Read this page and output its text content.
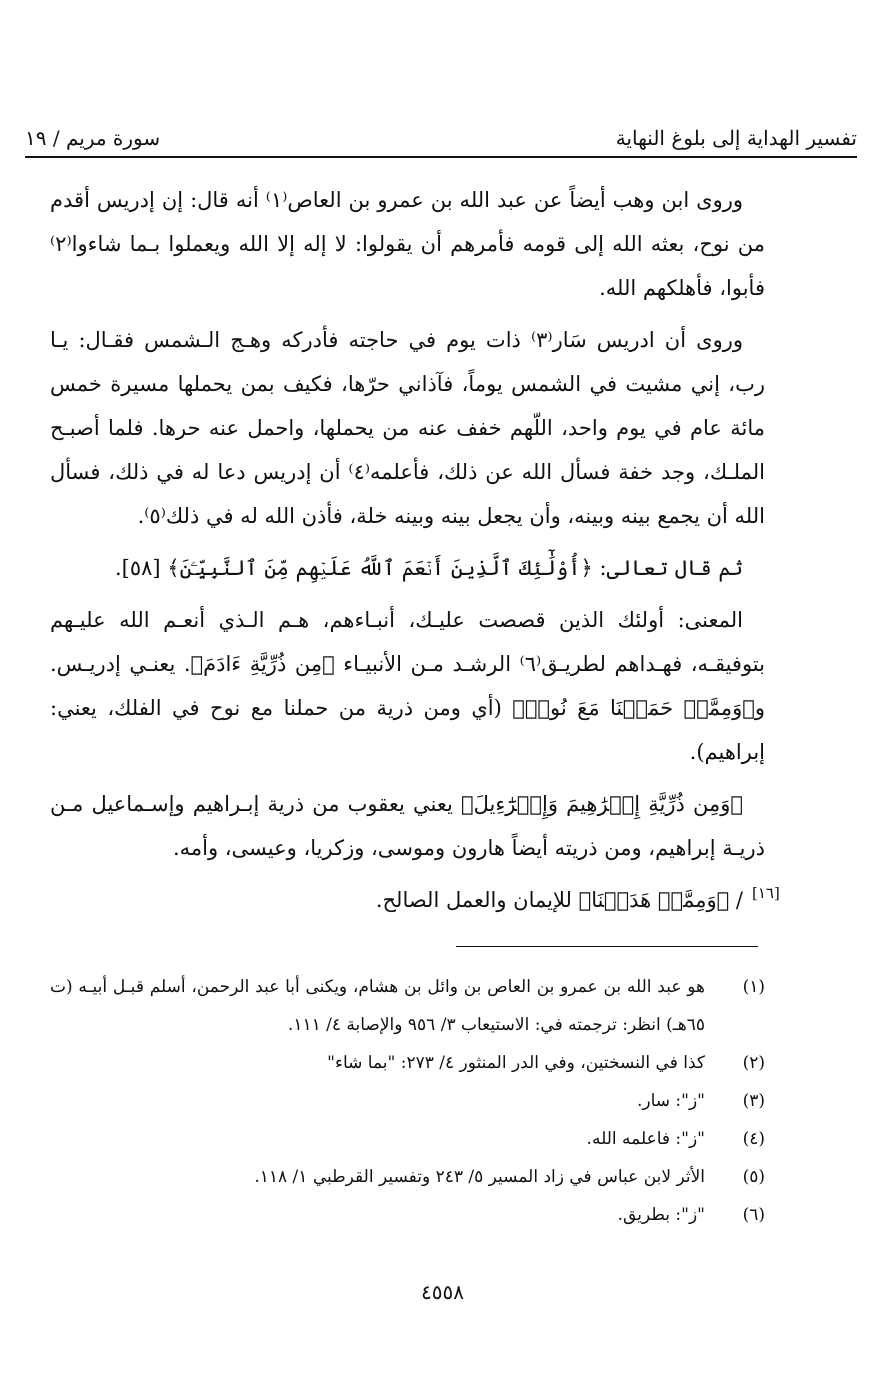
سورة مريم / ١٩	تفسير الهداية إلى بلوغ النهاية

وروى ابن وهب أيضاً عن عبد الله بن عمرو بن العاص⁽١⁾ أنه قال: إن إدريس أقدم من نوح، بعثه الله إلى قومه فأمرهم أن يقولوا: لا إله إلا الله ويعملوا بـما شاءوا⁽٢⁾ فأبوا، فأهلكهم الله.

وروى أن ادريس سَار⁽٣⁾ ذات يوم في حاجته فأدركه وهـج الـشمس فقـال: يـا رب، إني مشيت في الشمس يوماً، فآذاني حرّها، فكيف بمن يحملها مسيرة خمس مائة عام في يوم واحد، اللّهم خفف عنه من يحملها، واحمل عنه حرها. فلما أصبـح الملـك، وجد خفة فسأل الله عن ذلك، فأعلمه⁽٤⁾ أن إدريس دعا له في ذلك، فسأل الله أن يجمع بينه وبينه، وأن يجعل بينه وبينه خلة، فأذن الله له في ذلك⁽٥⁾.

ثم قال تعالى: ﴿أُوْلَٰٓئِكَ ٱلَّذِينَ أَنۡعَمَ ٱللَّهُ عَلَيۡهِم مِّنَ ٱلنَّبِيِّـۧنَ﴾ [٥٨].

المعنى: أولئك الذين قصصت عليـك، أنبـاءهم، هـم الـذي أنعـم الله عليـهم بتوفيقـه، فهـداهم لطريـق⁽٦⁾ الرشـد مـن الأنبيـاء ﴿مِن ذُرِّيَّةِ ءَادَمَ﴾. يعنـي إدريـس. و﴿وَمِمَّنۡ حَمَلۡنَا مَعَ نُوحٖ﴾ (أي ومن ذرية من حملنا مع نوح في الفلك، يعني: إبراهيم).

﴿وَمِن ذُرِّيَّةِ إِبۡرَٰهِيمَ وَإِسۡرَٰٓءِيلَ﴾ يعني يعقوب من ذرية إبـراهيم وإسـماعيل مـن ذريـة إبراهيم، ومن ذريته أيضاً هارون وموسى، وزكريا، وعيسى، وأمه.

/ ﴿وَمِمَّنۡ هَدَيۡنَا﴾ للإيمان والعمل الصالح. [١٦]
(١)
هو عبد الله بن عمرو بن العاص بن وائل بن هشام، ويكنى أبا عبد الرحمن، أسلم قبـل أبيـه (ت ٦٥هـ) انظر: ترجمته في: الاستيعاب ٣/ ٩٥٦ والإصابة ٤/ ١١١.
(٢)
كذا في النسختين، وفي الدر المنثور ٤/ ٢٧٣: "بما شاء"
(٣)
"ز": سار.
(٤)
"ز": فاعلمه الله.
(٥)
الأثر لابن عباس في زاد المسير ٥/ ٢٤٣ وتفسير القرطبي ١/ ١١٨.
(٦)
"ز": بطريق.
٤٥٥٨
